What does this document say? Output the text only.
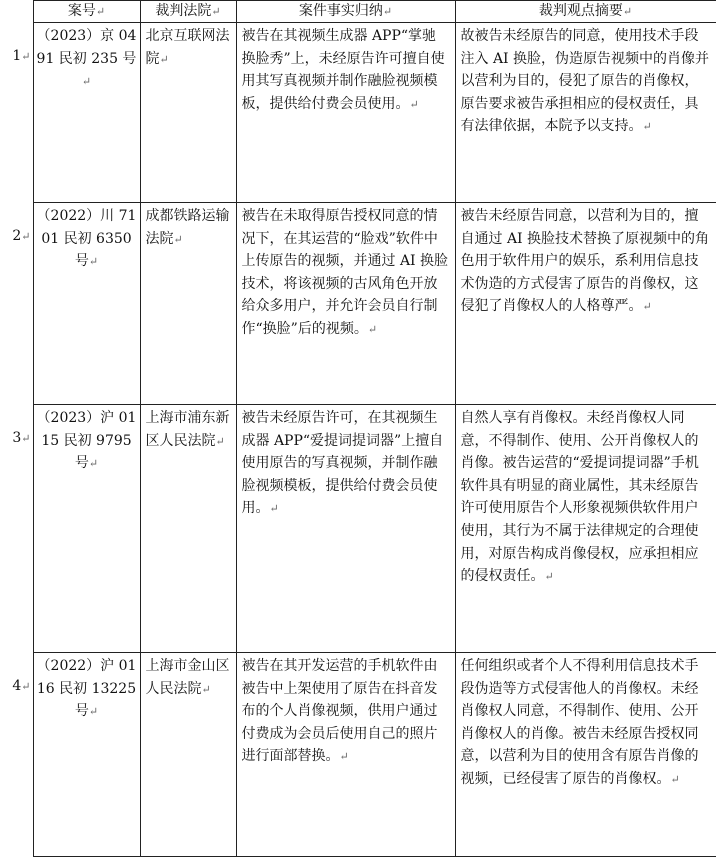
	案号↵	裁判法院↵	案件事实归纳↵	裁判观点摘要↵
1↵	（2023）京 0491 民初 235 号↵	北京互联网法院↵	被告在其视频生成器 APP“掌驰换脸秀”上，未经原告许可擅自使用其写真视频并制作融脸视频模板，提供给付费会员使用。↵	故被告未经原告的同意，使用技术手段注入 AI 换脸，伪造原告视频中的肖像并以营利为目的，侵犯了原告的肖像权，原告要求被告承担相应的侵权责任，具有法律依据，本院予以支持。↵
2↵	（2022）川 7101 民初 6350 号↵	成都铁路运输法院↵	被告在未取得原告授权同意的情况下，在其运营的“脸戏”软件中上传原告的视频，并通过 AI 换脸技术，将该视频的古风角色开放给众多用户，并允许会员自行制作“换脸”后的视频。↵	被告未经原告同意，以营利为目的，擅自通过 AI 换脸技术替换了原视频中的角色用于软件用户的娱乐，系利用信息技术伪造的方式侵害了原告的肖像权，这侵犯了肖像权人的人格尊严。↵
3↵	（2023）沪 0115 民初 9795 号↵	上海市浦东新区人民法院↵	被告未经原告许可，在其视频生成器 APP“爱提词提词器”上擅自使用原告的写真视频，并制作融脸视频模板，提供给付费会员使用。↵	自然人享有肖像权。未经肖像权人同意，不得制作、使用、公开肖像权人的肖像。被告运营的“爱提词提词器”手机软件具有明显的商业属性，其未经原告许可使用原告个人形象视频供软件用户使用，其行为不属于法律规定的合理使用，对原告构成肖像侵权，应承担相应的侵权责任。↵
4↵	（2022）沪 0116 民初 13225 号↵	上海市金山区人民法院↵	被告在其开发运营的手机软件由被告中上架使用了原告在抖音发布的个人肖像视频，供用户通过付费成为会员后使用自己的照片进行面部替换。↵	任何组织或者个人不得利用信息技术手段伪造等方式侵害他人的肖像权。未经肖像权人同意，不得制作、使用、公开肖像权人的肖像。被告未经原告授权同意，以营利为目的使用含有原告肖像的视频，已经侵害了原告的肖像权。↵
